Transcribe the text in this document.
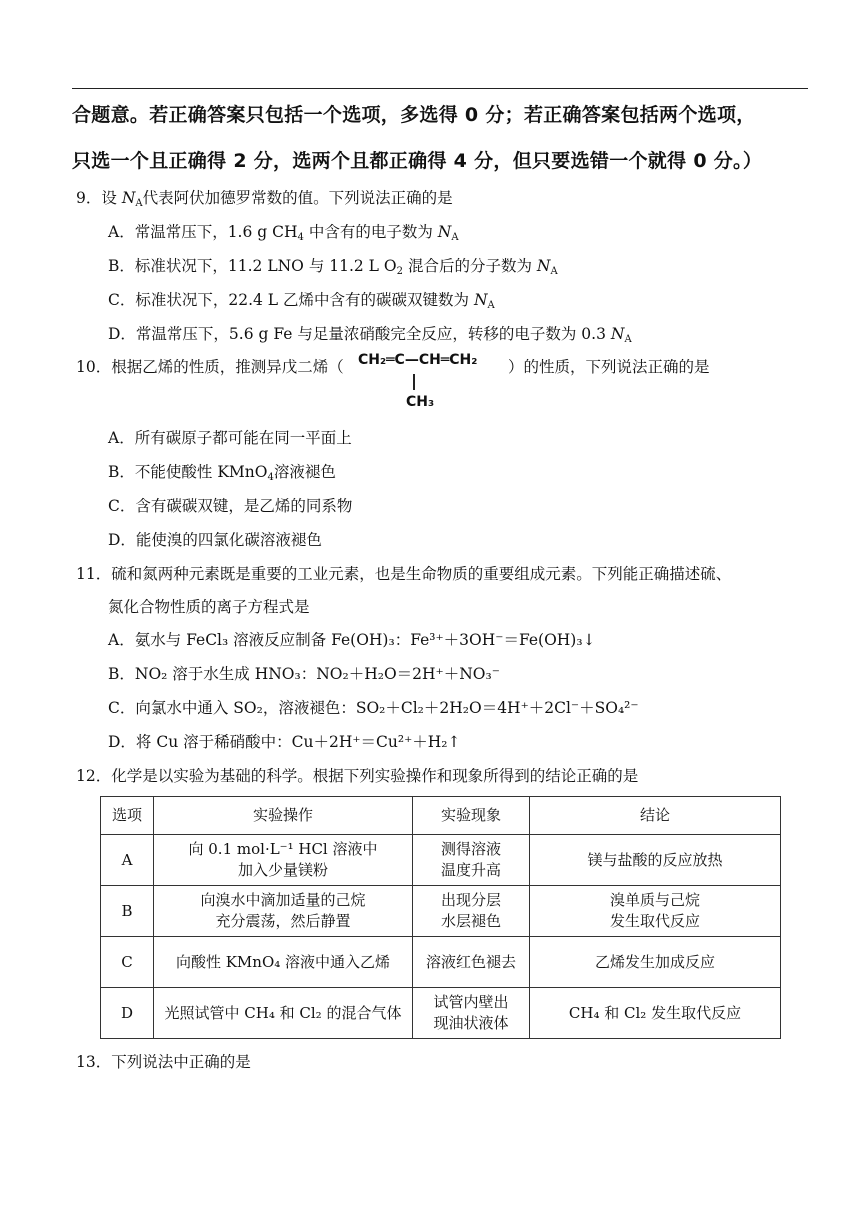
合题意。若正确答案只包括一个选项，多选得 0 分；若正确答案包括两个选项，
只选一个且正确得 2 分，选两个且都正确得 4 分，但只要选错一个就得 0 分。）
9．设 $N_A$代表阿伏加德罗常数的值。下列说法正确的是
A．常温常压下，1.6 g $CH_4$ 中含有的电子数为 $N_A$
B．标准状况下，11.2 LNO 与 11.2 L $O_2$ 混合后的分子数为 $N_A$
C．标准状况下，22.4 L 乙烯中含有的碳碳双键数为 $N_A$
D．常温常压下，5.6 g Fe 与足量浓硝酸完全反应，转移的电子数为 0.3 $N_A$
10．根据乙烯的性质，推测异戊二烯（ CH₂═C—CH═CH₂
CH₃
）的性质，下列说法正确的是
A．所有碳原子都可能在同一平面上
B．不能使酸性 KMnO$_4$溶液褪色
C．含有碳碳双键，是乙烯的同系物
D．能使溴的四氯化碳溶液褪色
11．硫和氮两种元素既是重要的工业元素，也是生命物质的重要组成元素。下列能正确描述硫、
氮化合物性质的离子方程式是
A．氨水与 FeCl₃ 溶液反应制备 Fe(OH)₃：Fe³⁺＋3OH⁻＝Fe(OH)₃↓
B．NO₂ 溶于水生成 HNO₃：NO₂＋H₂O＝2H⁺＋NO₃⁻
C．向氯水中通入 SO₂，溶液褪色：SO₂＋Cl₂＋2H₂O＝4H⁺＋2Cl⁻＋SO₄²⁻
D．将 Cu 溶于稀硝酸中：Cu＋2H⁺＝Cu²⁺＋H₂↑
12．化学是以实验为基础的科学。根据下列实验操作和现象所得到的结论正确的是
选项	实验操作	实验现象	结论
A	向 0.1 mol·L⁻¹ HCl 溶液中
加入少量镁粉	测得溶液
温度升高	镁与盐酸的反应放热
B	向溴水中滴加适量的己烷
充分震荡，然后静置	出现分层
水层褪色	溴单质与己烷
发生取代反应
C	向酸性 KMnO₄ 溶液中通入乙烯	溶液红色褪去	乙烯发生加成反应
D	光照试管中 CH₄ 和 Cl₂ 的混合气体	试管内壁出
现油状液体	CH₄ 和 Cl₂ 发生取代反应
13．下列说法中正确的是
